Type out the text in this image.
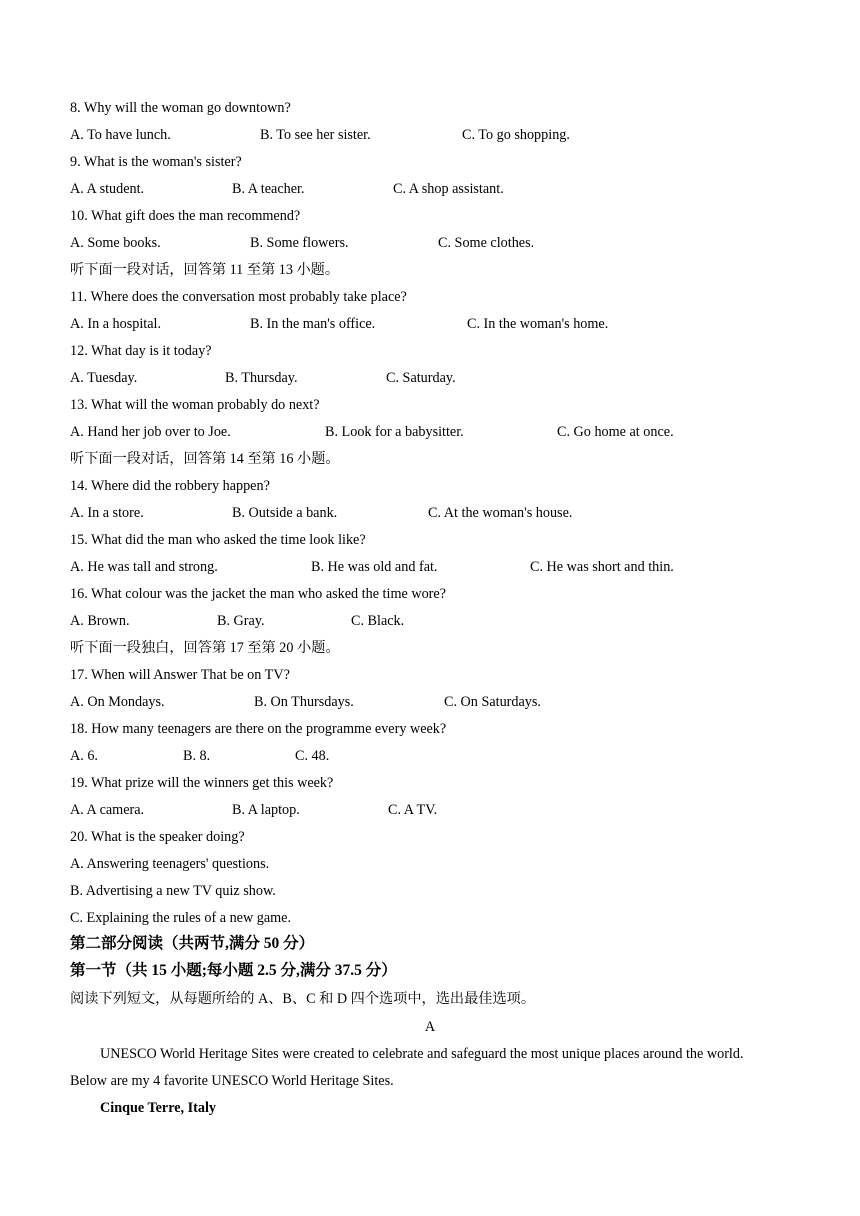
8. Why will the woman go downtown?
A. To have lunch.	B. To see her sister.	C. To go shopping.
9. What is the woman's sister?
A. A student.	B. A teacher.	C. A shop assistant.
10. What gift does the man recommend?
A. Some books.	B. Some flowers.	C. Some clothes.
听下面一段对话，回答第 11 至第 13 小题。
11. Where does the conversation most probably take place?
A. In a hospital.	B. In the man's office.	C. In the woman's home.
12. What day is it today?
A. Tuesday.	B. Thursday.	C. Saturday.
13. What will the woman probably do next?
A. Hand her job over to Joe.	B. Look for a babysitter.	C. Go home at once.
听下面一段对话，回答第 14 至第 16 小题。
14. Where did the robbery happen?
A. In a store.	B. Outside a bank.	C. At the woman's house.
15. What did the man who asked the time look like?
A. He was tall and strong.	B. He was old and fat.	C. He was short and thin.
16. What colour was the jacket the man who asked the time wore?
A. Brown.	B. Gray.	C. Black.
听下面一段独白，回答第 17 至第 20 小题。
17. When will Answer That be on TV?
A. On Mondays.	B. On Thursdays.	C. On Saturdays.
18. How many teenagers are there on the programme every week?
A. 6.	B. 8.	C. 48.
19. What prize will the winners get this week?
A. A camera.	B. A laptop.	C. A TV.
20. What is the speaker doing?
A. Answering teenagers' questions.
B. Advertising a new TV quiz show.
C. Explaining the rules of a new game.
第二部分阅读（共两节,满分 50 分）
第一节（共 15 小题;每小题 2.5 分,满分 37.5 分）
阅读下列短文，从每题所给的 A、B、C 和 D 四个选项中，选出最佳选项。
A
UNESCO World Heritage Sites were created to celebrate and safeguard the most unique places around the world.
Below are my 4 favorite UNESCO World Heritage Sites.
Cinque Terre, Italy
